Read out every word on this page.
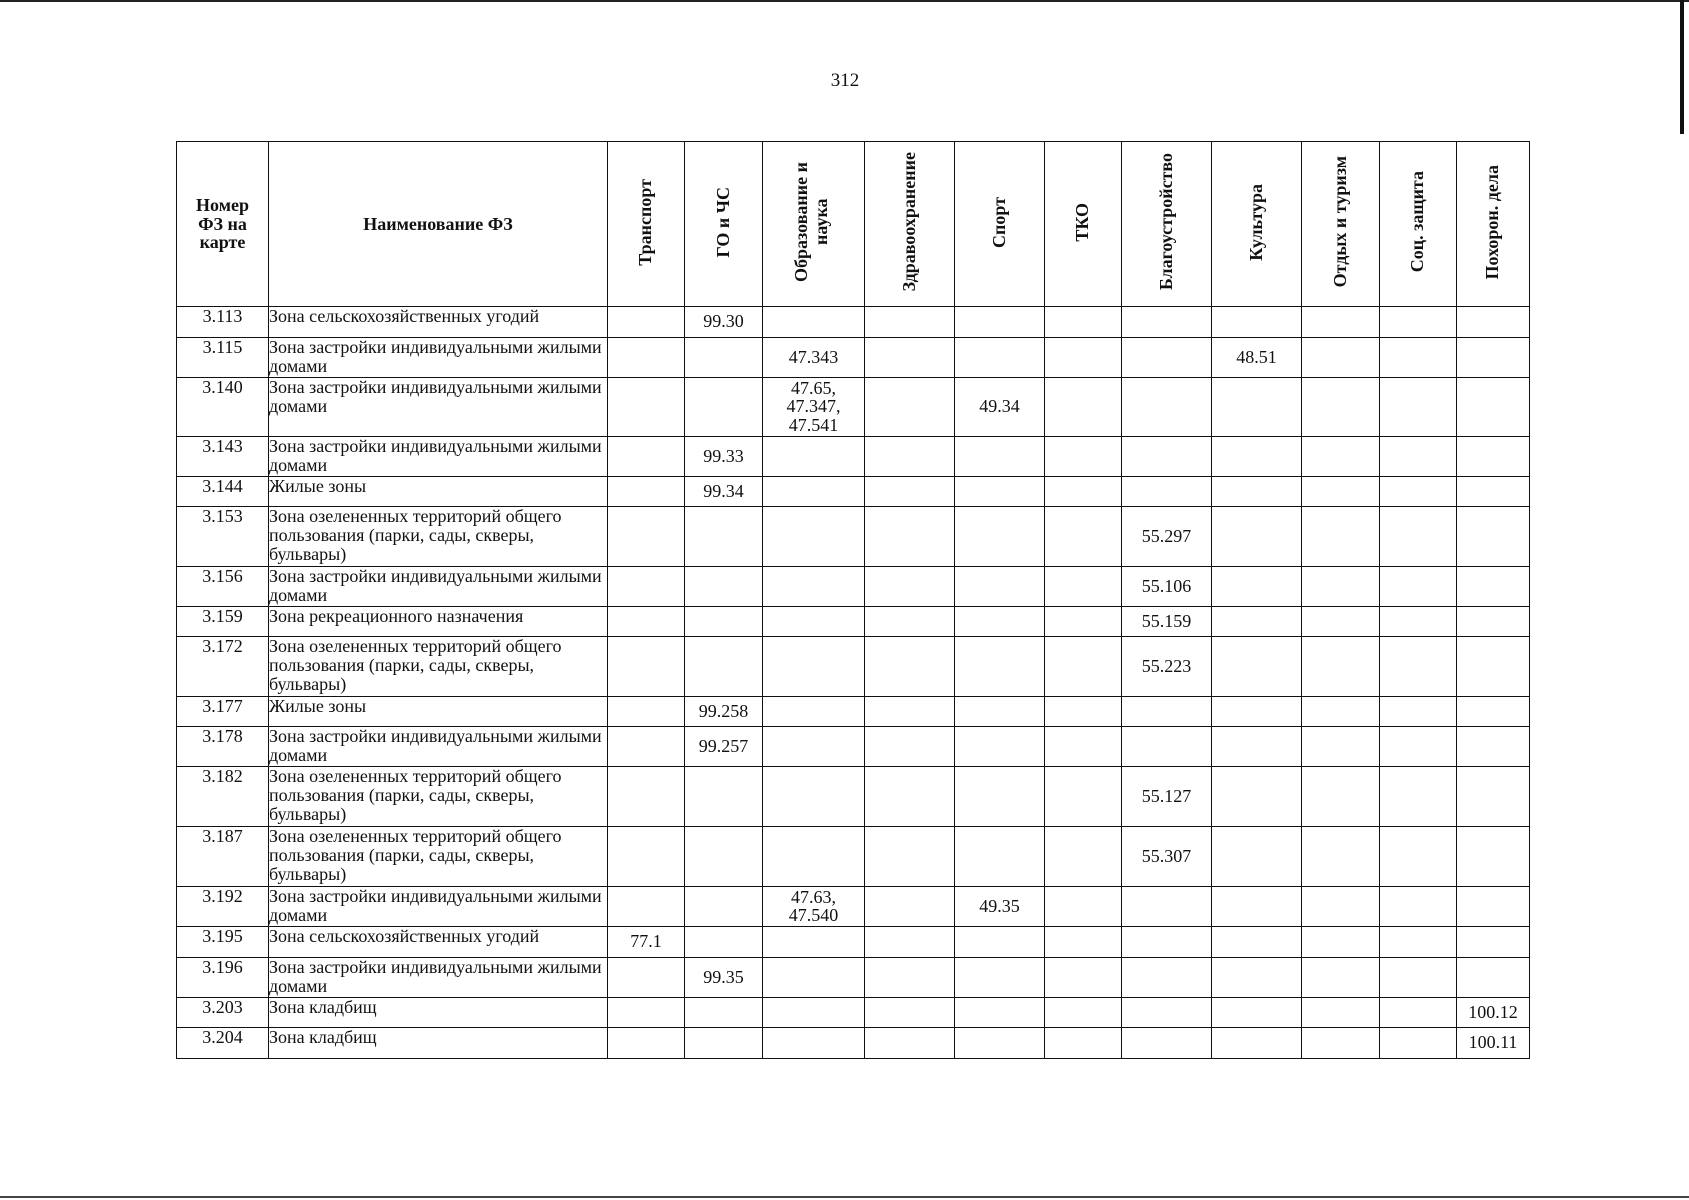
312
Номер ФЗ на карте	Наименование ФЗ	Транспорт	ГО и ЧС	Образование и наука	Здравоохранение	Спорт	ТКО	Благоустройство	Культура	Отдых и туризм	Соц. защита	Похорон. дела
3.113	Зона сельскохозяйственных угодий		99.30									

3.115	Зона застройки индивидуальными жилыми домами			47.343					48.51			

3.140	Зона застройки индивидуальными жилыми домами			47.65,
47.347,
47.541		49.34						

3.143	Зона застройки индивидуальными жилыми домами		99.33									

3.144	Жилые зоны		99.34									

3.153	Зона озелененных территорий общего пользования (парки, сады, скверы, бульвары)							55.297				

3.156	Зона застройки индивидуальными жилыми домами							55.106				

3.159	Зона рекреационного назначения							55.159				

3.172	Зона озелененных территорий общего пользования (парки, сады, скверы, бульвары)							55.223				

3.177	Жилые зоны		99.258									

3.178	Зона застройки индивидуальными жилыми домами		99.257									

3.182	Зона озелененных территорий общего пользования (парки, сады, скверы, бульвары)							55.127				

3.187	Зона озелененных территорий общего пользования (парки, сады, скверы, бульвары)							55.307				

3.192	Зона застройки индивидуальными жилыми домами			47.63,
47.540		49.35						

3.195	Зона сельскохозяйственных угодий	77.1										

3.196	Зона застройки индивидуальными жилыми домами		99.35									

3.203	Зона кладбищ											100.12

3.204	Зона кладбищ											100.11
